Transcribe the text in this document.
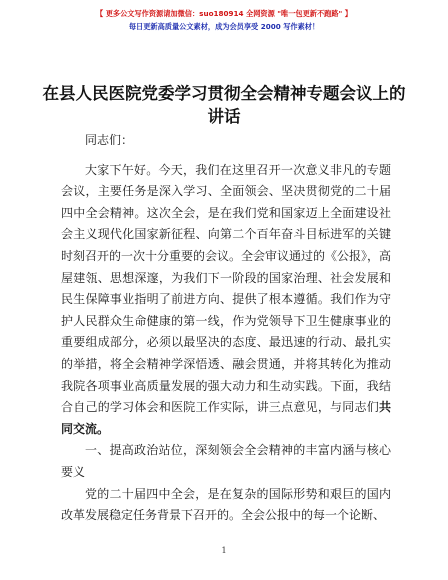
【 更多公文写作资源请加微信：suo180914 全网资源 "唯一包更新不跑路" 】
每日更新高质量公文素材，成为会员享受 2000 写作素材！
在县人民医院党委学习贯彻全会精神专题会议上的讲话

同志们：

大家下午好。今天，我们在这里召开一次意义非凡的专题会议，主要任务是深入学习、全面领会、坚决贯彻党的二十届四中全会精神。这次全会，是在我们党和国家迈上全面建设社会主义现代化国家新征程、向第二个百年奋斗目标进军的关键时刻召开的一次十分重要的会议。全会审议通过的《公报》，高屋建瓴、思想深邃，为我们下一阶段的国家治理、社会发展和民生保障事业指明了前进方向、提供了根本遵循。我们作为守护人民群众生命健康的第一线，作为党领导下卫生健康事业的重要组成部分，必须以最坚决的态度、最迅速的行动、最扎实的举措，将全会精神学深悟透、融会贯通，并将其转化为推动我院各项事业高质量发展的强大动力和生动实践。下面，我结合自己的学习体会和医院工作实际，讲三点意见，与同志们共同交流。

一、提高政治站位，深刻领会全会精神的丰富内涵与核心要义

党的二十届四中全会，是在复杂的国际形势和艰巨的国内改革发展稳定任务背景下召开的。全会公报中的每一个论断、

1
